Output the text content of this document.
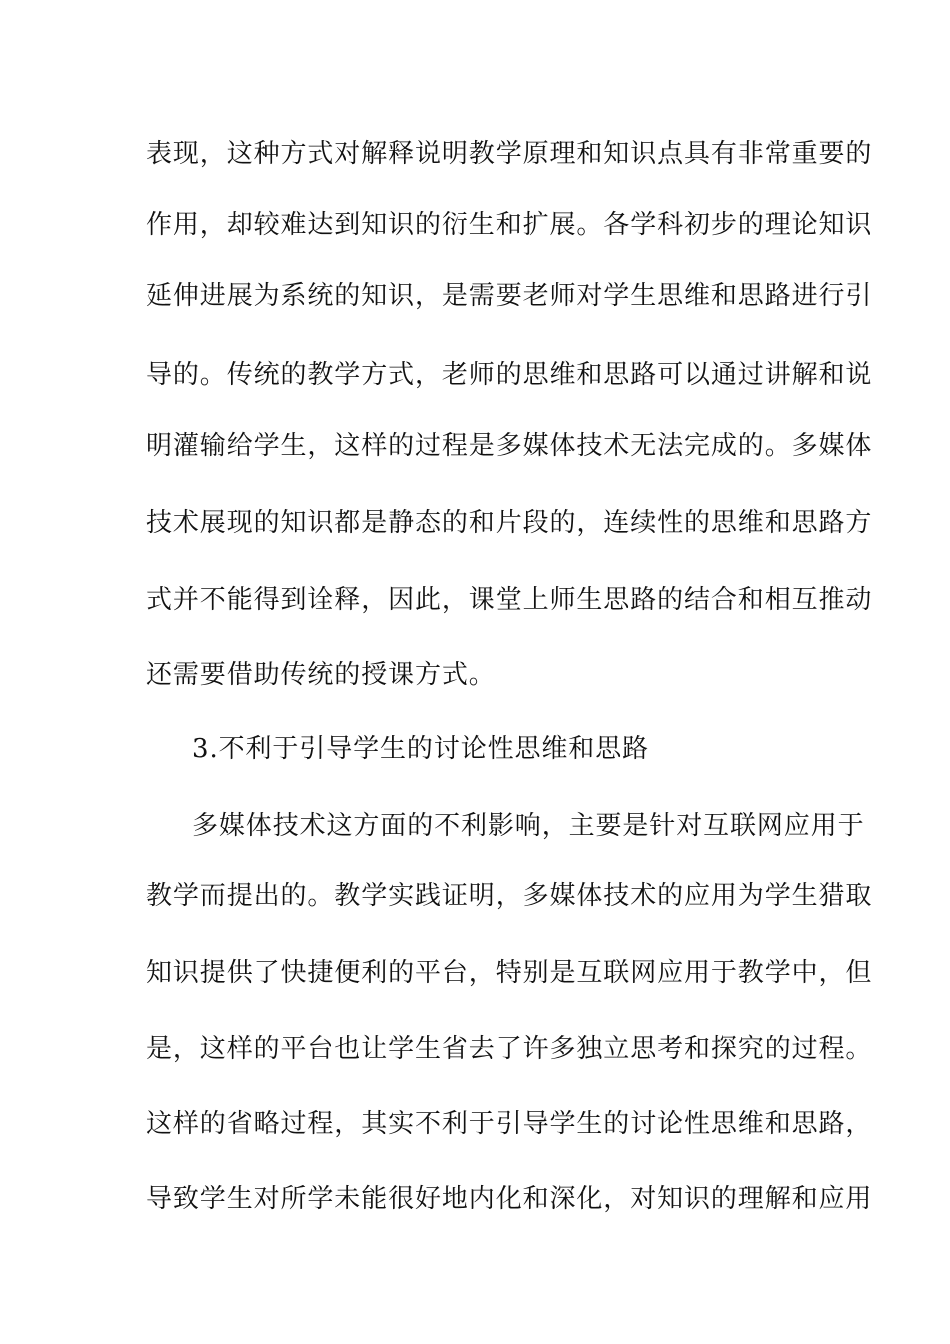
表现，这种方式对解释说明教学原理和知识点具有非常重要的
作用，却较难达到知识的衍生和扩展。各学科初步的理论知识
延伸进展为系统的知识，是需要老师对学生思维和思路进行引
导的。传统的教学方式，老师的思维和思路可以通过讲解和说
明灌输给学生，这样的过程是多媒体技术无法完成的。多媒体
技术展现的知识都是静态的和片段的，连续性的思维和思路方
式并不能得到诠释，因此，课堂上师生思路的结合和相互推动
还需要借助传统的授课方式。
3.不利于引导学生的讨论性思维和思路
多媒体技术这方面的不利影响，主要是针对互联网应用于
教学而提出的。教学实践证明，多媒体技术的应用为学生猎取
知识提供了快捷便利的平台，特别是互联网应用于教学中，但
是，这样的平台也让学生省去了许多独立思考和探究的过程。
这样的省略过程，其实不利于引导学生的讨论性思维和思路，
导致学生对所学未能很好地内化和深化，对知识的理解和应用
